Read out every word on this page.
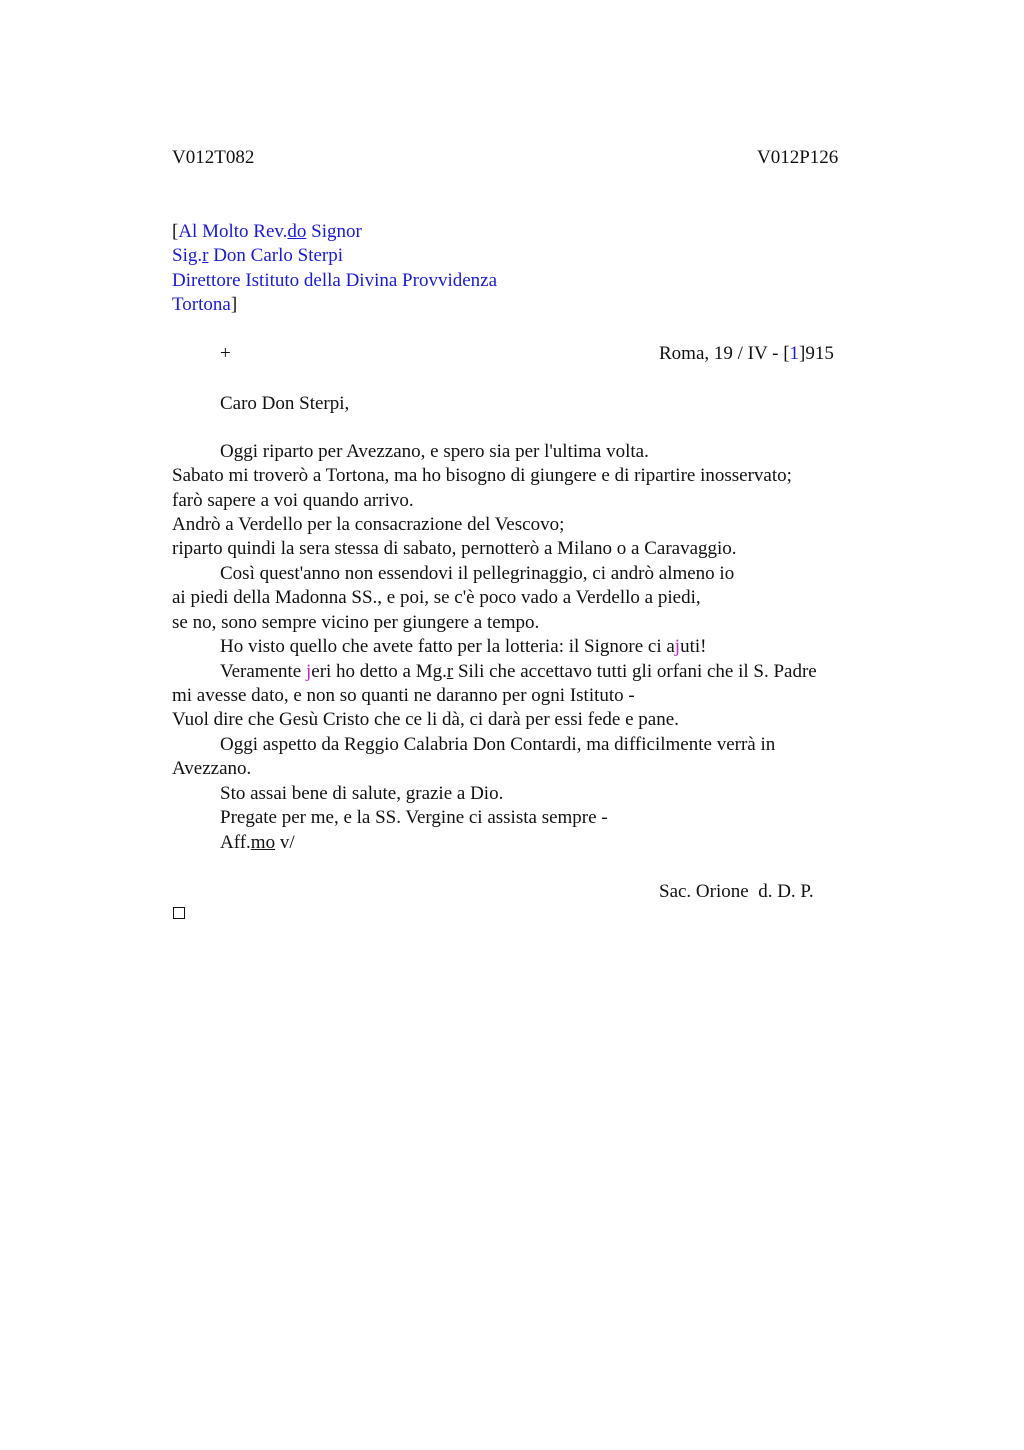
V012T082	V012P126
[Al Molto Rev.do Signor
Sig.r Don Carlo Sterpi
Direttore Istituto della Divina Provvidenza
Tortona]
+	Roma, 19 / IV - [1]915
Caro Don Sterpi,
Oggi riparto per Avezzano, e spero sia per l'ultima volta.
Sabato mi troverò a Tortona, ma ho bisogno di giungere e di ripartire inosservato;
farò sapere a voi quando arrivo.
Andrò a Verdello per la consacrazione del Vescovo;
riparto quindi la sera stessa di sabato, pernotterò a Milano o a Caravaggio.
Così quest'anno non essendovi il pellegrinaggio, ci andrò almeno io
ai piedi della Madonna SS., e poi, se c'è poco vado a Verdello a piedi,
se no, sono sempre vicino per giungere a tempo.
Ho visto quello che avete fatto per la lotteria: il Signore ci ajuti!
Veramente jeri ho detto a Mg.r Sili che accettavo tutti gli orfani che il S. Padre
mi avesse dato, e non so quanti ne daranno per ogni Istituto -
Vuol dire che Gesù Cristo che ce li dà, ci darà per essi fede e pane.
Oggi aspetto da Reggio Calabria Don Contardi, ma difficilmente verrà in
Avezzano.
Sto assai bene di salute, grazie a Dio.
Pregate per me, e la SS. Vergine ci assista sempre -
Aff.mo v/
Sac. Orione  d. D. P.
